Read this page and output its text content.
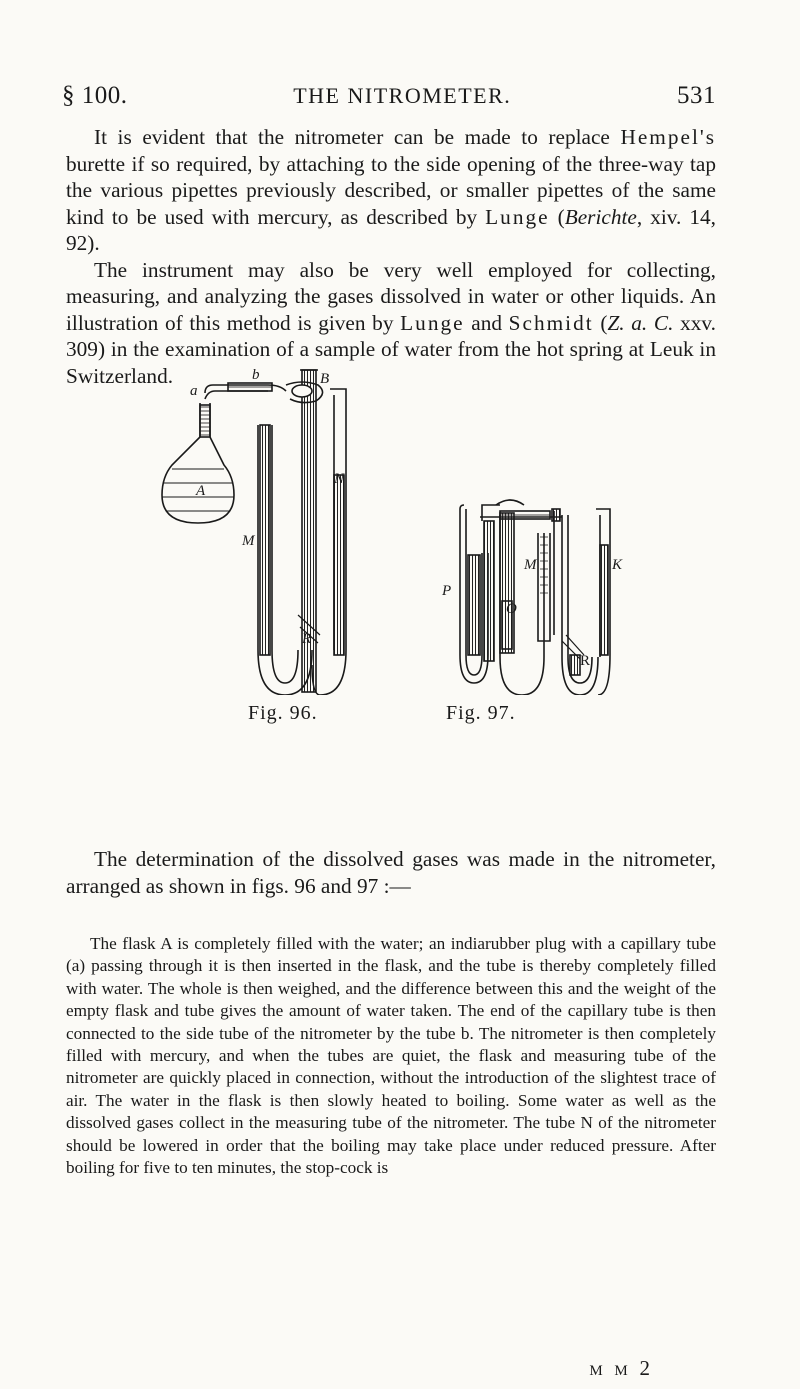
§ 100.	THE NITROMETER.	531

It is evident that the nitrometer can be made to replace Hempel's burette if so required, by attaching to the side opening of the three-way tap the various pipettes previously described, or smaller pipettes of the same kind to be used with mercury, as described by Lunge (Berichte, xiv. 14, 92).

The instrument may also be very well employed for collecting, measuring, and analyzing the gases dissolved in water or other liquids. An illustration of this method is given by Lunge and Schmidt (Z. a. C. xxv. 309) in the examination of a sample of water from the hot spring at Leuk in Switzerland.	B
b
a
A
N
M
R
P
M
O
K
R
Fig. 96.	Fig. 97.

The determination of the dissolved gases was made in the nitrometer, arranged as shown in figs. 96 and 97 :—

The flask A is completely filled with the water; an indiarubber plug with a capillary tube (a) passing through it is then inserted in the flask, and the tube is thereby completely filled with water. The whole is then weighed, and the difference between this and the weight of the empty flask and tube gives the amount of water taken. The end of the capillary tube is then connected to the side tube of the nitrometer by the tube b. The nitrometer is then completely filled with mercury, and when the tubes are quiet, the flask and measuring tube of the nitrometer are quickly placed in connection, without the introduction of the slightest trace of air. The water in the flask is then slowly heated to boiling. Some water as well as the dissolved gases collect in the measuring tube of the nitrometer. The tube N of the nitrometer should be lowered in order that the boiling may take place under reduced pressure. After boiling for five to ten minutes, the stop-cock is
M M 2
